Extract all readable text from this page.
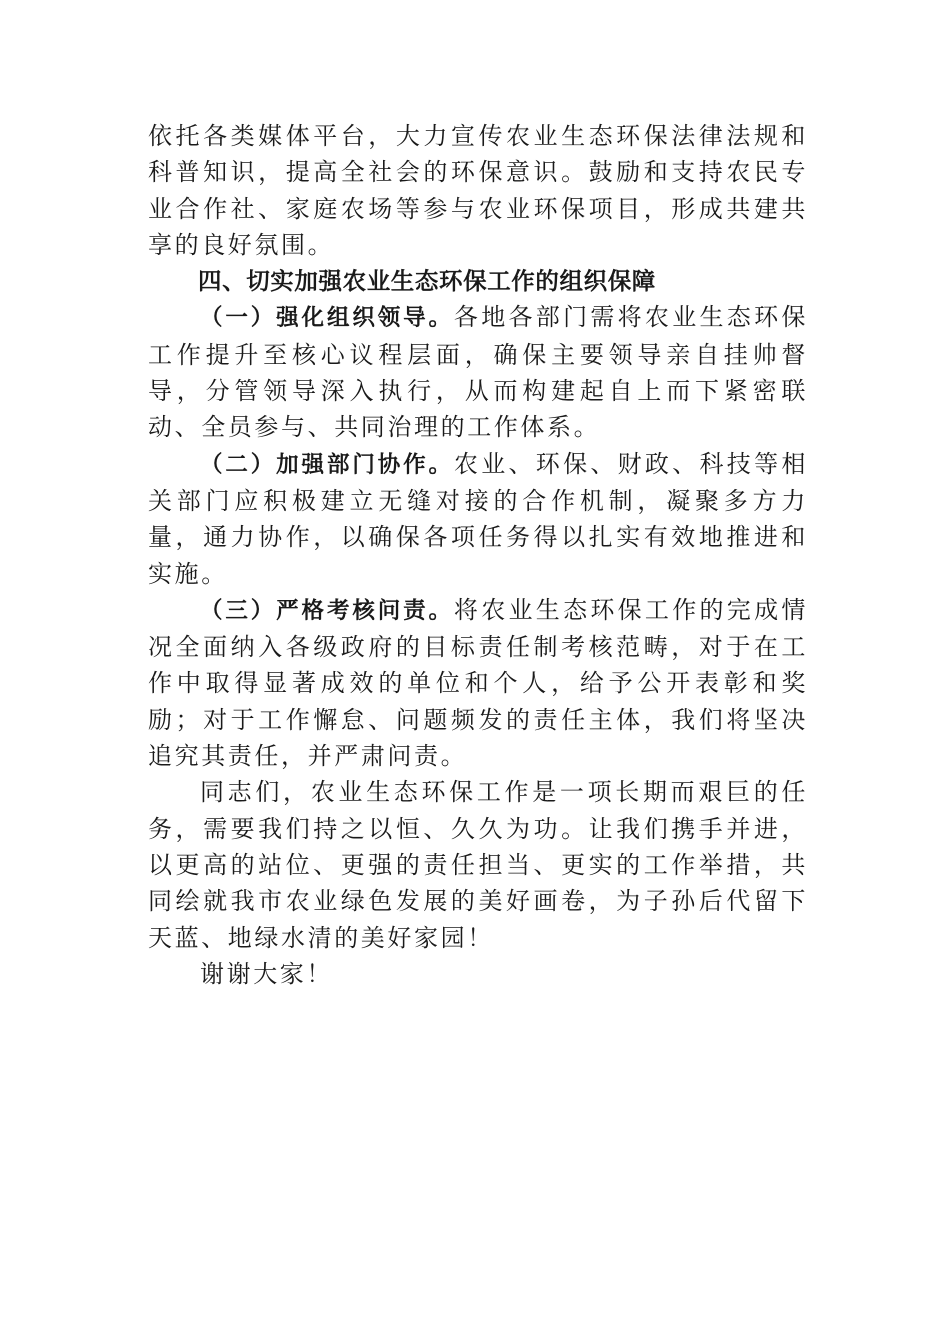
依托各类媒体平台，大力宣传农业生态环保法律法规和科普知识，提高全社会的环保意识。鼓励和支持农民专业合作社、家庭农场等参与农业环保项目，形成共建共享的良好氛围。

四、切实加强农业生态环保工作的组织保障

（一）强化组织领导。各地各部门需将农业生态环保工作提升至核心议程层面，确保主要领导亲自挂帅督导，分管领导深入执行，从而构建起自上而下紧密联动、全员参与、共同治理的工作体系。

（二）加强部门协作。农业、环保、财政、科技等相关部门应积极建立无缝对接的合作机制，凝聚多方力量，通力协作，以确保各项任务得以扎实有效地推进和实施。

（三）严格考核问责。将农业生态环保工作的完成情况全面纳入各级政府的目标责任制考核范畴，对于在工作中取得显著成效的单位和个人，给予公开表彰和奖励；对于工作懈怠、问题频发的责任主体，我们将坚决追究其责任，并严肃问责。

同志们，农业生态环保工作是一项长期而艰巨的任务，需要我们持之以恒、久久为功。让我们携手并进，以更高的站位、更强的责任担当、更实的工作举措，共同绘就我市农业绿色发展的美好画卷，为子孙后代留下天蓝、地绿水清的美好家园！

谢谢大家！
